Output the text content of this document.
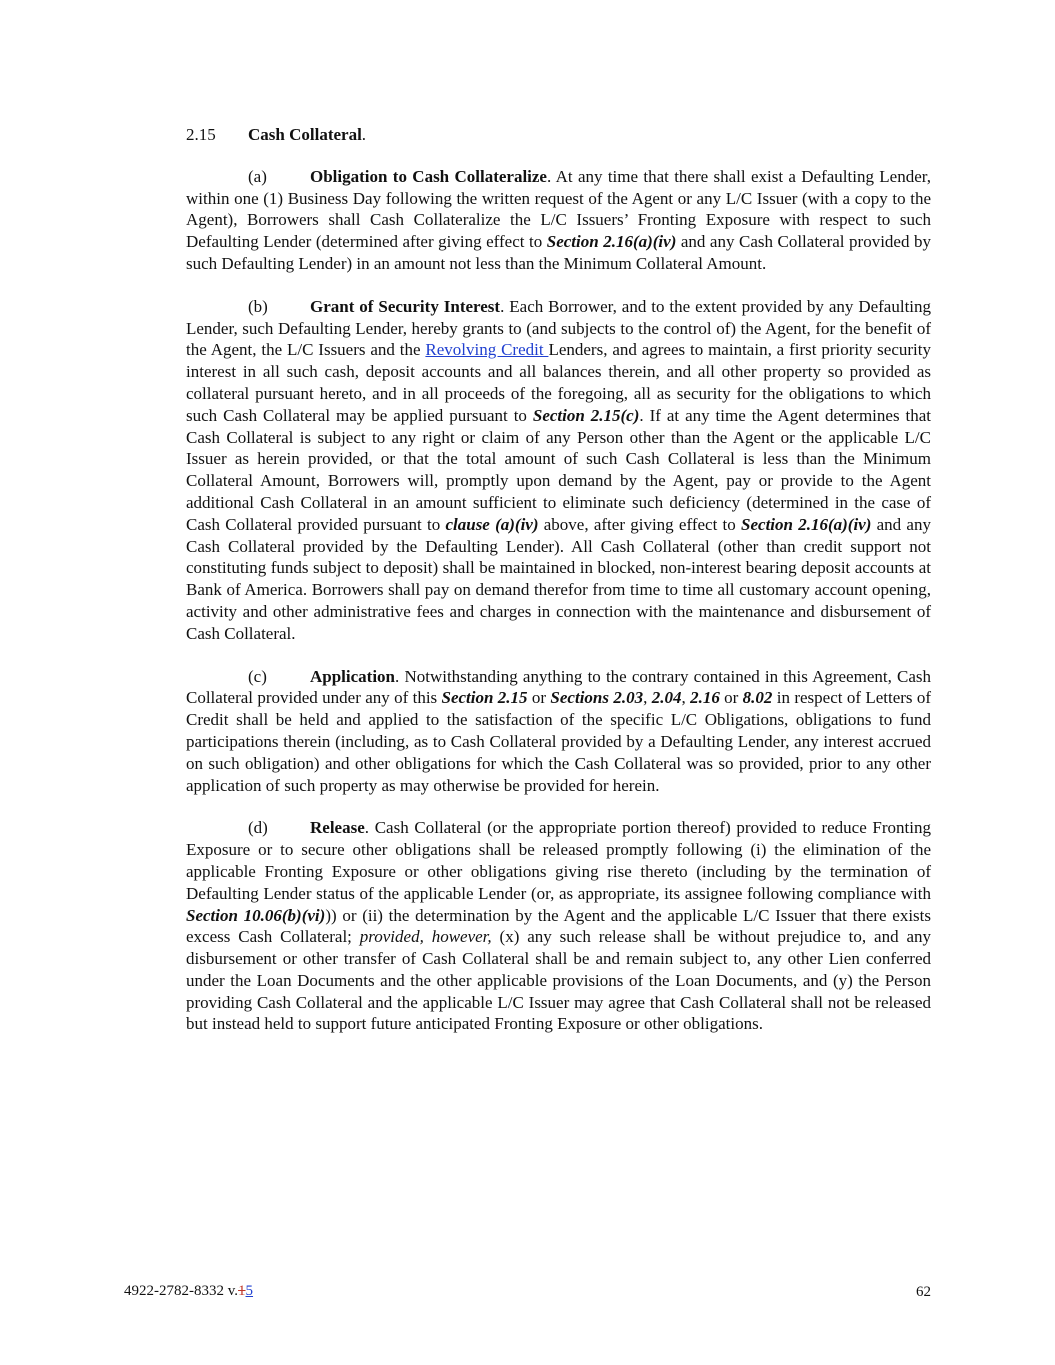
2.15 Cash Collateral.

(a)	Obligation to Cash Collateralize. At any time that there shall exist a Defaulting Lender, within one (1) Business Day following the written request of the Agent or any L/C Issuer (with a copy to the Agent), Borrowers shall Cash Collateralize the L/C Issuers’ Fronting Exposure with respect to such Defaulting Lender (determined after giving effect to Section 2.16(a)(iv) and any Cash Collateral provided by such Defaulting Lender) in an amount not less than the Minimum Collateral Amount.

(b) Grant of Security Interest. Each Borrower, and to the extent provided by any Defaulting Lender, such Defaulting Lender, hereby grants to (and subjects to the control of) the Agent, for the benefit of the Agent, the L/C Issuers and the Revolving Credit Lenders, and agrees to maintain, a first priority security interest in all such cash, deposit accounts and all balances therein, and all other property so provided as collateral pursuant hereto, and in all proceeds of the foregoing, all as security for the obligations to which such Cash Collateral may be applied pursuant to Section 2.15(c). If at any time the Agent determines that Cash Collateral is subject to any right or claim of any Person other than the Agent or the applicable L/C Issuer as herein provided, or that the total amount of such Cash Collateral is less than the Minimum Collateral Amount, Borrowers will, promptly upon demand by the Agent, pay or provide to the Agent additional Cash Collateral in an amount sufficient to eliminate such deficiency (determined in the case of Cash Collateral provided pursuant to clause (a)(iv) above, after giving effect to Section 2.16(a)(iv) and any Cash Collateral provided by the Defaulting Lender). All Cash Collateral (other than credit support not constituting funds subject to deposit) shall be maintained in blocked, non-interest bearing deposit accounts at Bank of America. Borrowers shall pay on demand therefor from time to time all customary account opening, activity and other administrative fees and charges in connection with the maintenance and disbursement of Cash Collateral.

(c)	Application. Notwithstanding anything to the contrary contained in this Agreement, Cash Collateral provided under any of this Section 2.15 or Sections 2.03, 2.04, 2.16 or 8.02 in respect of Letters of Credit shall be held and applied to the satisfaction of the specific L/C Obligations, obligations to fund participations therein (including, as to Cash Collateral provided by a Defaulting Lender, any interest accrued on such obligation) and other obligations for which the Cash Collateral was so provided, prior to any other application of such property as may otherwise be provided for herein.

(d) Release. Cash Collateral (or the appropriate portion thereof) provided to reduce Fronting Exposure or to secure other obligations shall be released promptly following (i) the elimination of the applicable Fronting Exposure or other obligations giving rise thereto (including by the termination of Defaulting Lender status of the applicable Lender (or, as appropriate, its assignee following compliance with Section 10.06(b)(vi))) or (ii) the determination by the Agent and the applicable L/C Issuer that there exists excess Cash Collateral; provided, however, (x) any such release shall be without prejudice to, and any disbursement or other transfer of Cash Collateral shall be and remain subject to, any other Lien conferred under the Loan Documents and the other applicable provisions of the Loan Documents, and (y) the Person providing Cash Collateral and the applicable L/C Issuer may agree that Cash Collateral shall not be released but instead held to support future anticipated Fronting Exposure or other obligations.

4922-2782-8332 v.15	62
